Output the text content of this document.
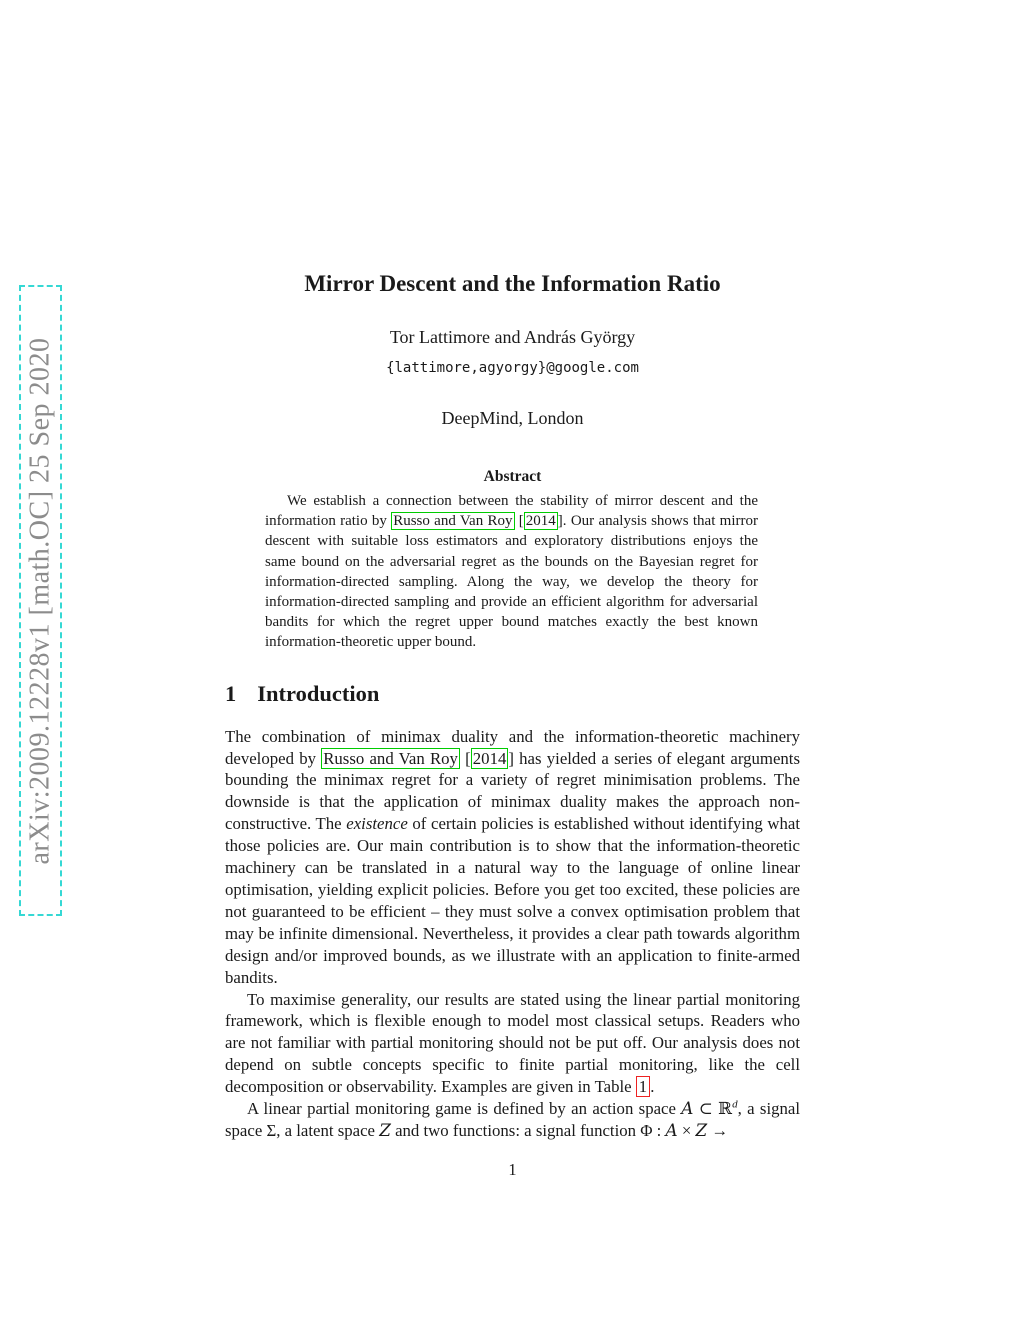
arXiv:2009.12228v1 [math.OC] 25 Sep 2020
Mirror Descent and the Information Ratio
Tor Lattimore and András György
{lattimore,agyorgy}@google.com
DeepMind, London
Abstract
We establish a connection between the stability of mirror descent and the information ratio by Russo and Van Roy [ 2014 ]. Our analysis shows that mirror descent with suitable loss estimators and exploratory distributions enjoys the same bound on the adversarial regret as the bounds on the Bayesian regret for information-directed sampling. Along the way, we develop the theory for information-directed sampling and provide an efficient algorithm for adversarial bandits for which the regret upper bound matches exactly the best known information-theoretic upper bound.
1 Introduction

The combination of minimax duality and the information-theoretic machinery developed by Russo and Van Roy [ 2014 ] has yielded a series of elegant arguments bounding the minimax regret for a variety of regret minimisation problems. The downside is that the application of minimax duality makes the approach non-constructive. The existence of certain policies is established without identifying what those policies are. Our main contribution is to show that the information-theoretic machinery can be translated in a natural way to the language of online linear optimisation, yielding explicit policies. Before you get too excited, these policies are not guaranteed to be efficient – they must solve a convex optimisation problem that may be infinite dimensional. Nevertheless, it provides a clear path towards algorithm design and/or improved bounds, as we illustrate with an application to finite-armed bandits.

To maximise generality, our results are stated using the linear partial monitoring framework, which is flexible enough to model most classical setups. Readers who are not familiar with partial monitoring should not be put off. Our analysis does not depend on subtle concepts specific to finite partial monitoring, like the cell decomposition or observability. Examples are given in Table 1 .

A linear partial monitoring game is defined by an action space A ⊂ ℝ$^d$, a signal space Σ, a latent space Z and two functions: a signal function Φ : A × Z →

1
